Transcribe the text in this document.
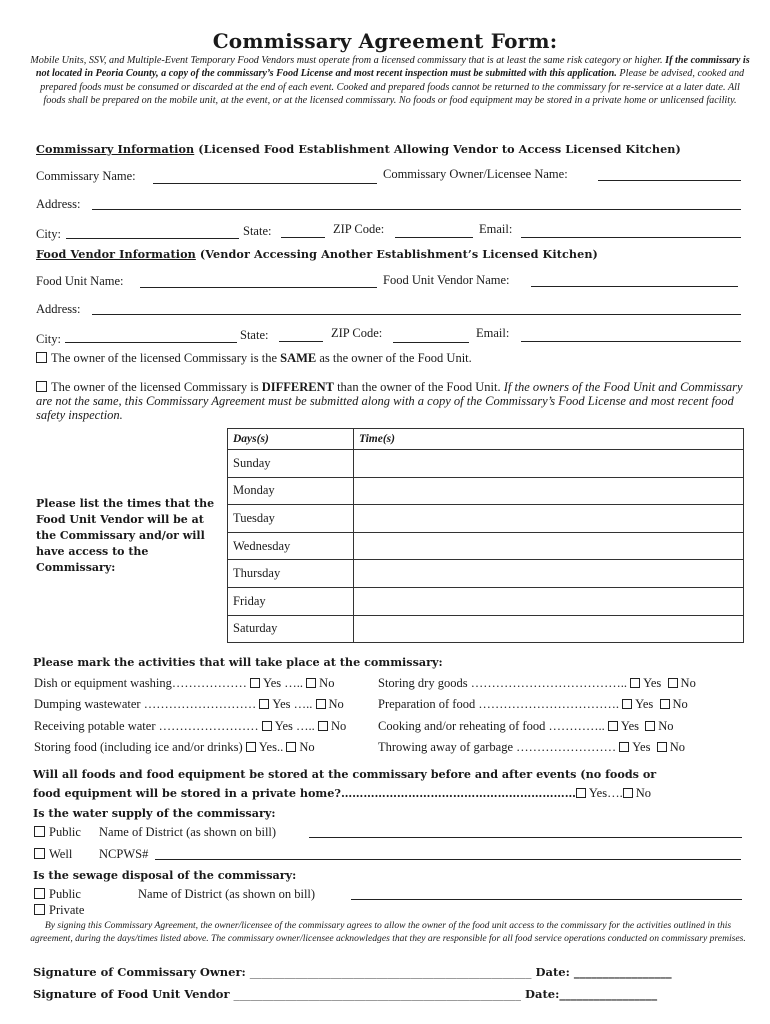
Commissary Agreement Form:
Mobile Units, SSV, and Multiple-Event Temporary Food Vendors must operate from a licensed commissary that is at least the same risk category or higher. If the commissary is not located in Peoria County, a copy of the commissary’s Food License and most recent inspection must be submitted with this application. Please be advised, cooked and prepared foods must be consumed or discarded at the end of each event. Cooked and prepared foods cannot be returned to the commissary for re-service at a later date. All foods shall be prepared on the mobile unit, at the event, or at the licensed commissary. No foods or food equipment may be stored in a private home or unlicensed facility.
Commissary Information (Licensed Food Establishment Allowing Vendor to Access Licensed Kitchen)
Commissary Name:	Commissary Owner/Licensee Name:
Address:
City:	State:	ZIP Code:	Email:
Food Vendor Information (Vendor Accessing Another Establishment’s Licensed Kitchen)
Food Unit Name:	Food Unit Vendor Name:
Address:
City:	State:	ZIP Code:	Email:
The owner of the licensed Commissary is the SAME as the owner of the Food Unit.
The owner of the licensed Commissary is DIFFERENT than the owner of the Food Unit. If the owners of the Food Unit and Commissary are not the same, this Commissary Agreement must be submitted along with a copy of the Commissary’s Food License and most recent food safety inspection.
Please list the times that the Food Unit Vendor will be at the Commissary and/or will have access to the Commissary:
Days(s)	Time(s)
Sunday	
Monday	
Tuesday	
Wednesday	
Thursday	
Friday	
Saturday	
Please mark the activities that will take place at the commissary:
Dish or equipment washing……………… Yes ….. No
Dumping wastewater ……………………… Yes ….. No
Receiving potable water …………………… Yes ….. No
Storing food (including ice and/or drinks) Yes.. No
Storing dry goods ……………………………….. Yes No
Preparation of food ……………………………. Yes No
Cooking and/or reheating of food ………….. Yes No
Throwing away of garbage …………………… Yes No
Will all foods and food equipment be stored at the commissary before and after events (no foods or
food equipment will be stored in a private home?……………………………………………………… Yes…. No
Is the water supply of the commissary:
Public Name of District (as shown on bill)
Well NCPWS#
Is the sewage disposal of the commissary:
Public	Name of District (as shown on bill)
Private
By signing this Commissary Agreement, the owner/licensee of the commissary agrees to allow the owner of the food unit access to the commissary for the activities outlined in this agreement, during the days/times listed above. The commissary owner/licensee acknowledges that they are responsible for all food service operations conducted on commissary premises.
Signature of Commissary Owner: _________________________________________________ Date: _________________
Signature of Food Unit Vendor __________________________________________________ Date:_________________
